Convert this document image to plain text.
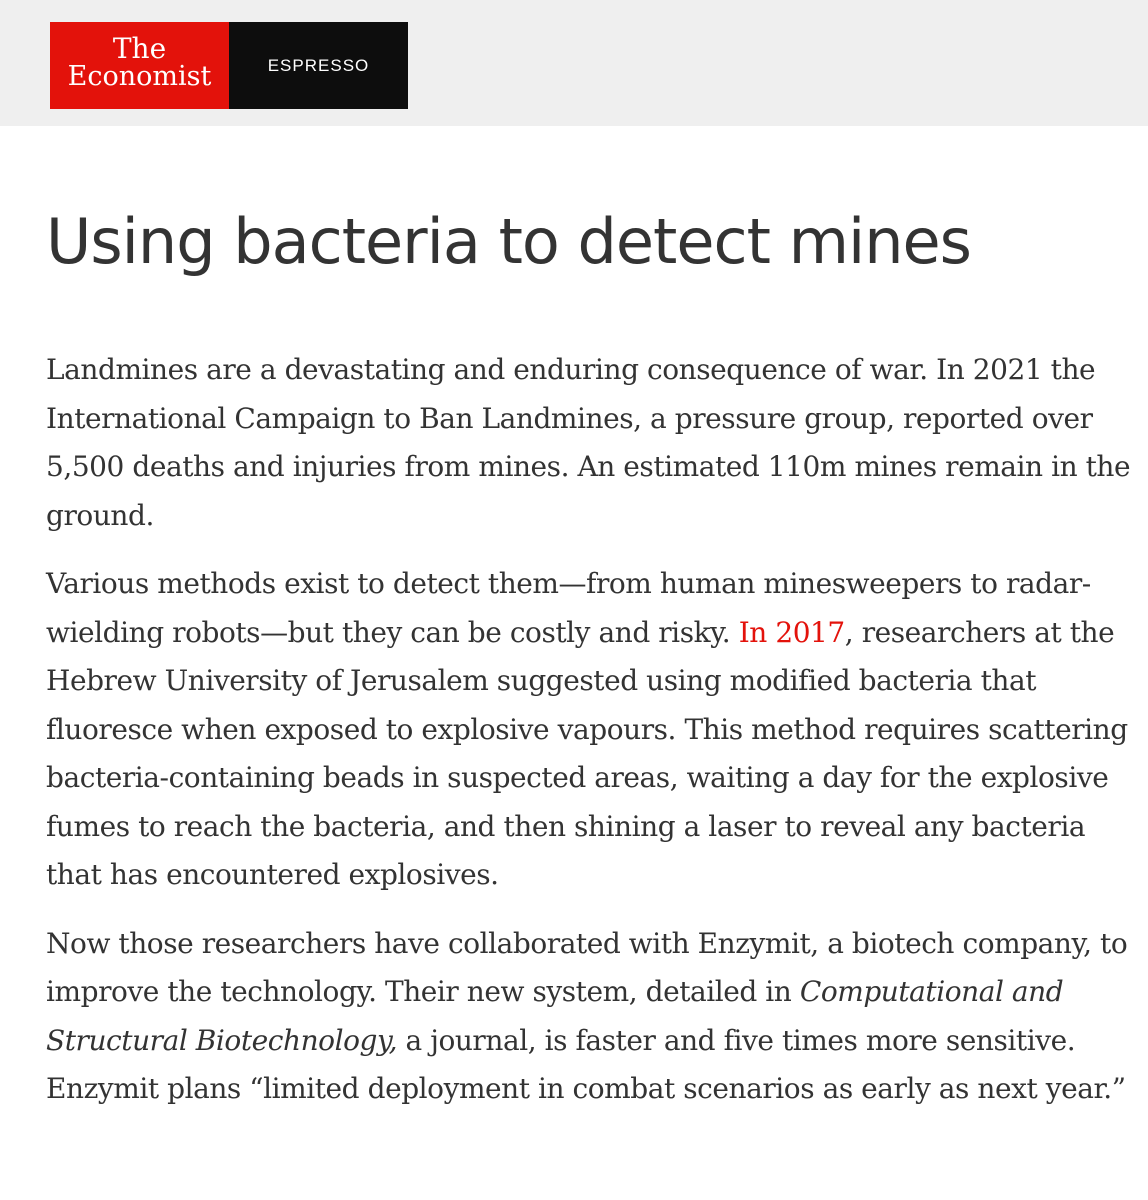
The
Economist	ESPRESSO
Using bacteria to detect mines

Landmines are a devastating and enduring consequence of war. In 2021 the International Campaign to Ban Landmines, a pressure group, reported over 5,500 deaths and injuries from mines. An estimated 110m mines remain in the ground.

Various methods exist to detect them—from human minesweepers to radar-wielding robots—but they can be costly and risky. In 2017, researchers at the Hebrew University of Jerusalem suggested using modified bacteria that fluoresce when exposed to explosive vapours. This method requires scattering bacteria-containing beads in suspected areas, waiting a day for the explosive fumes to reach the bacteria, and then shining a laser to reveal any bacteria that has encountered explosives.

Now those researchers have collaborated with Enzymit, a biotech company, to improve the technology. Their new system, detailed in Computational and Structural Biotechnology, a journal, is faster and five times more sensitive. Enzymit plans “limited deployment in combat scenarios as early as next year.”
